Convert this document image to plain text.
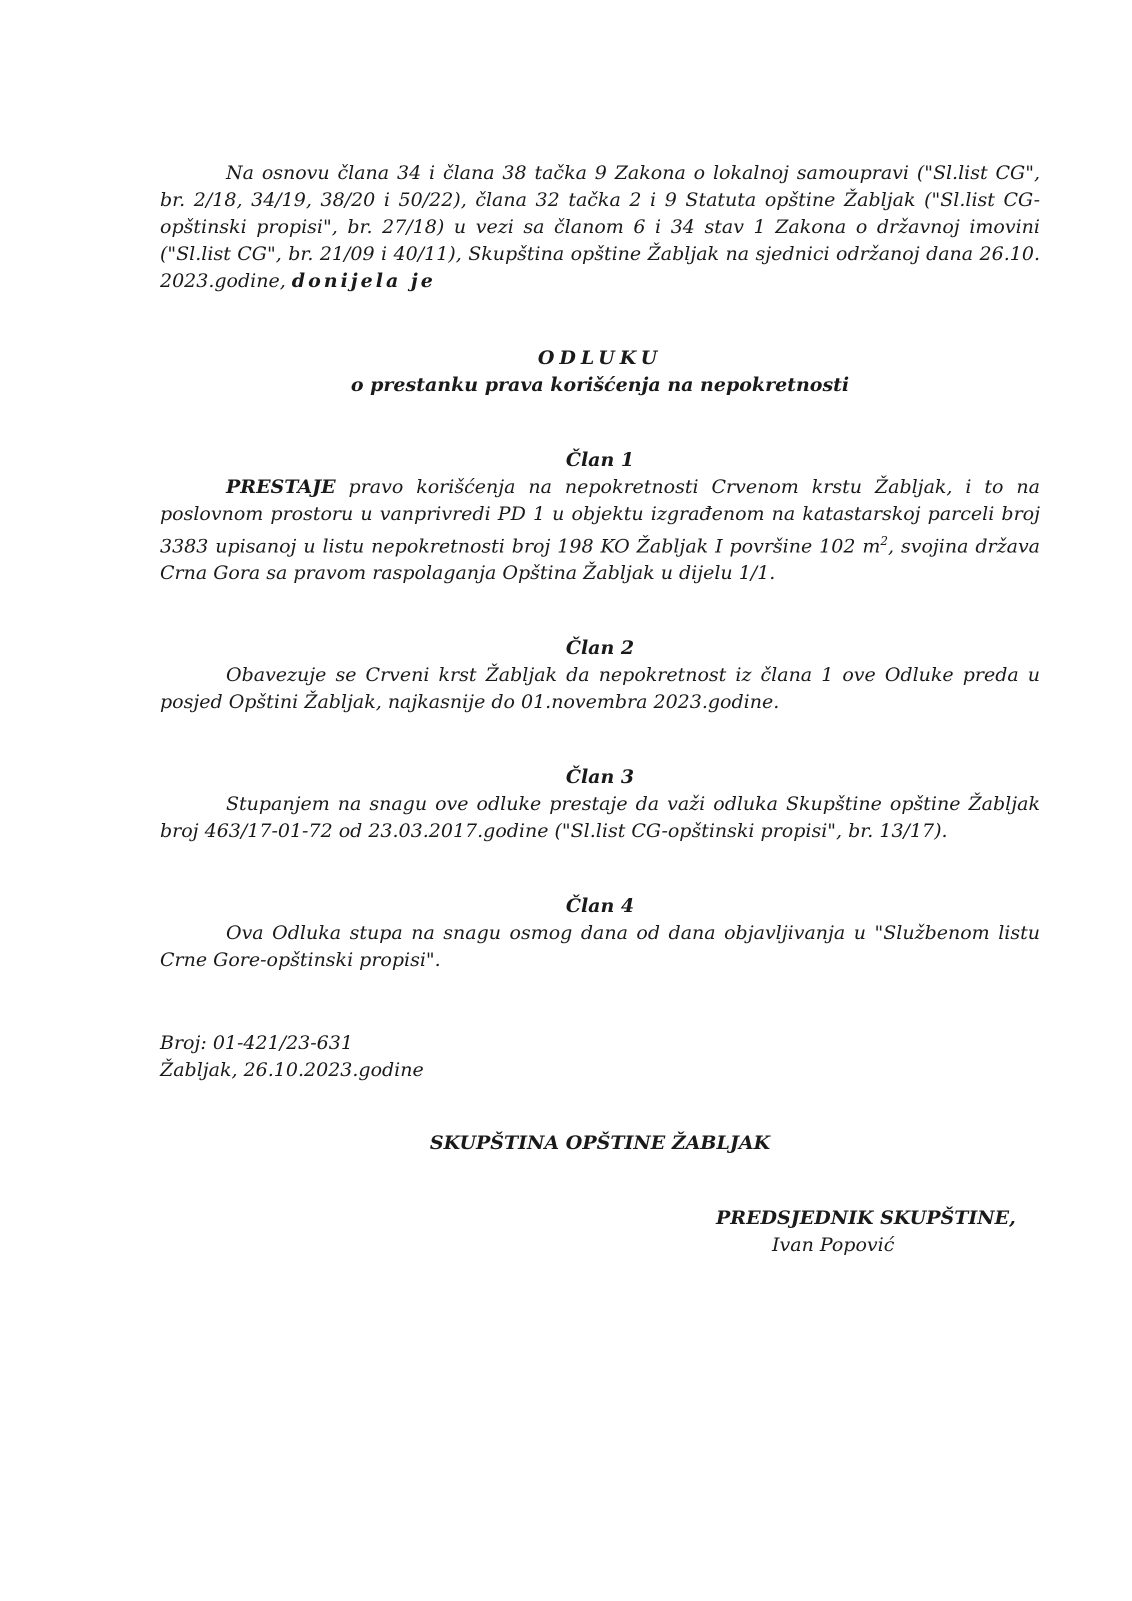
Na osnovu člana 34 i člana 38 tačka 9 Zakona o lokalnoj samoupravi ("Sl.list CG", br. 2/18, 34/19, 38/20 i 50/22), člana 32 tačka 2 i 9 Statuta opštine Žabljak ("Sl.list CG-opštinski propisi", br. 27/18) u vezi sa članom 6 i 34 stav 1 Zakona o državnoj imovini ("Sl.list CG", br. 21/09 i 40/11), Skupština opštine Žabljak na sjednici održanoj dana 26.10. 2023.godine, donijela je

ODLUKU
o prestanku prava korišćenja na nepokretnosti
Član 1

PRESTAJE pravo korišćenja na nepokretnosti Crvenom krstu Žabljak, i to na poslovnom prostoru u vanprivredi PD 1 u objektu izgrađenom na katastarskoj parceli broj 3383 upisanoj u listu nepokretnosti broj 198 KO Žabljak I površine 102 $m^2$, svojina država Crna Gora sa pravom raspolaganja Opština Žabljak u dijelu 1/1.

Član 2

Obavezuje se Crveni krst Žabljak da nepokretnost iz člana 1 ove Odluke preda u posjed Opštini Žabljak, najkasnije do 01.novembra 2023.godine.

Član 3

Stupanjem na snagu ove odluke prestaje da važi odluka Skupštine opštine Žabljak broj 463/17-01-72 od 23.03.2017.godine ("Sl.list CG-opštinski propisi", br. 13/17).

Član 4

Ova Odluka stupa na snagu osmog dana od dana objavljivanja u "Službenom listu Crne Gore-opštinski propisi".

Broj: 01-421/23-631
Žabljak, 26.10.2023.godine
SKUPŠTINA OPŠTINE ŽABLJAK
PREDSJEDNIK SKUPŠTINE,
Ivan Popović
